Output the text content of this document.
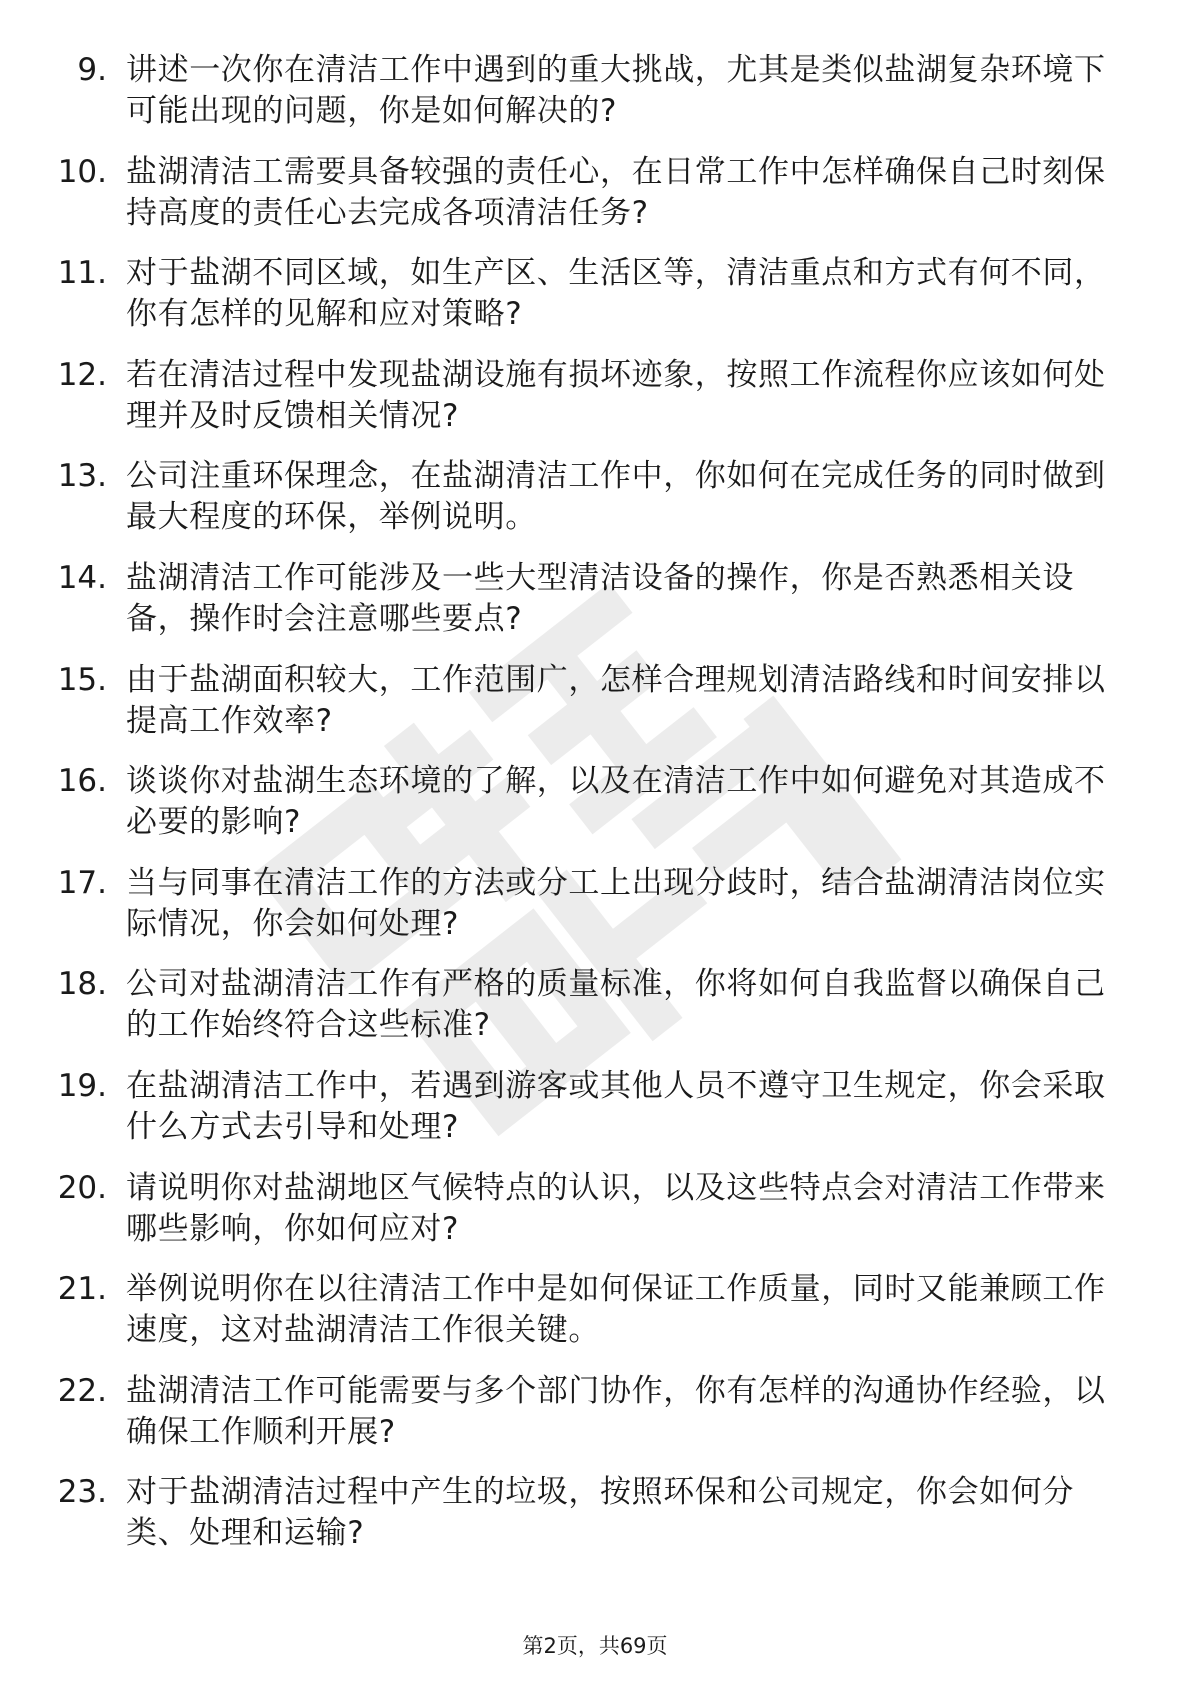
9. 讲述一次你在清洁工作中遇到的重大挑战，尤其是类似盐湖复杂环境下可能出现的问题，你是如何解决的?
10. 盐湖清洁工需要具备较强的责任心，在日常工作中怎样确保自己时刻保持高度的责任心去完成各项清洁任务?
11. 对于盐湖不同区域，如生产区、生活区等，清洁重点和方式有何不同，你有怎样的见解和应对策略?
12. 若在清洁过程中发现盐湖设施有损坏迹象，按照工作流程你应该如何处理并及时反馈相关情况?
13. 公司注重环保理念，在盐湖清洁工作中，你如何在完成任务的同时做到最大程度的环保，举例说明。
14. 盐湖清洁工作可能涉及一些大型清洁设备的操作，你是否熟悉相关设备，操作时会注意哪些要点?
15. 由于盐湖面积较大，工作范围广，怎样合理规划清洁路线和时间安排以提高工作效率?
16. 谈谈你对盐湖生态环境的了解，以及在清洁工作中如何避免对其造成不必要的影响?
17. 当与同事在清洁工作的方法或分工上出现分歧时，结合盐湖清洁岗位实际情况，你会如何处理?
18. 公司对盐湖清洁工作有严格的质量标准，你将如何自我监督以确保自己的工作始终符合这些标准?
19. 在盐湖清洁工作中，若遇到游客或其他人员不遵守卫生规定，你会采取什么方式去引导和处理?
20. 请说明你对盐湖地区气候特点的认识，以及这些特点会对清洁工作带来哪些影响，你如何应对?
21. 举例说明你在以往清洁工作中是如何保证工作质量，同时又能兼顾工作速度，这对盐湖清洁工作很关键。
22. 盐湖清洁工作可能需要与多个部门协作，你有怎样的沟通协作经验，以确保工作顺利开展?
23. 对于盐湖清洁过程中产生的垃圾，按照环保和公司规定，你会如何分类、处理和运输?
第2页，共69页
